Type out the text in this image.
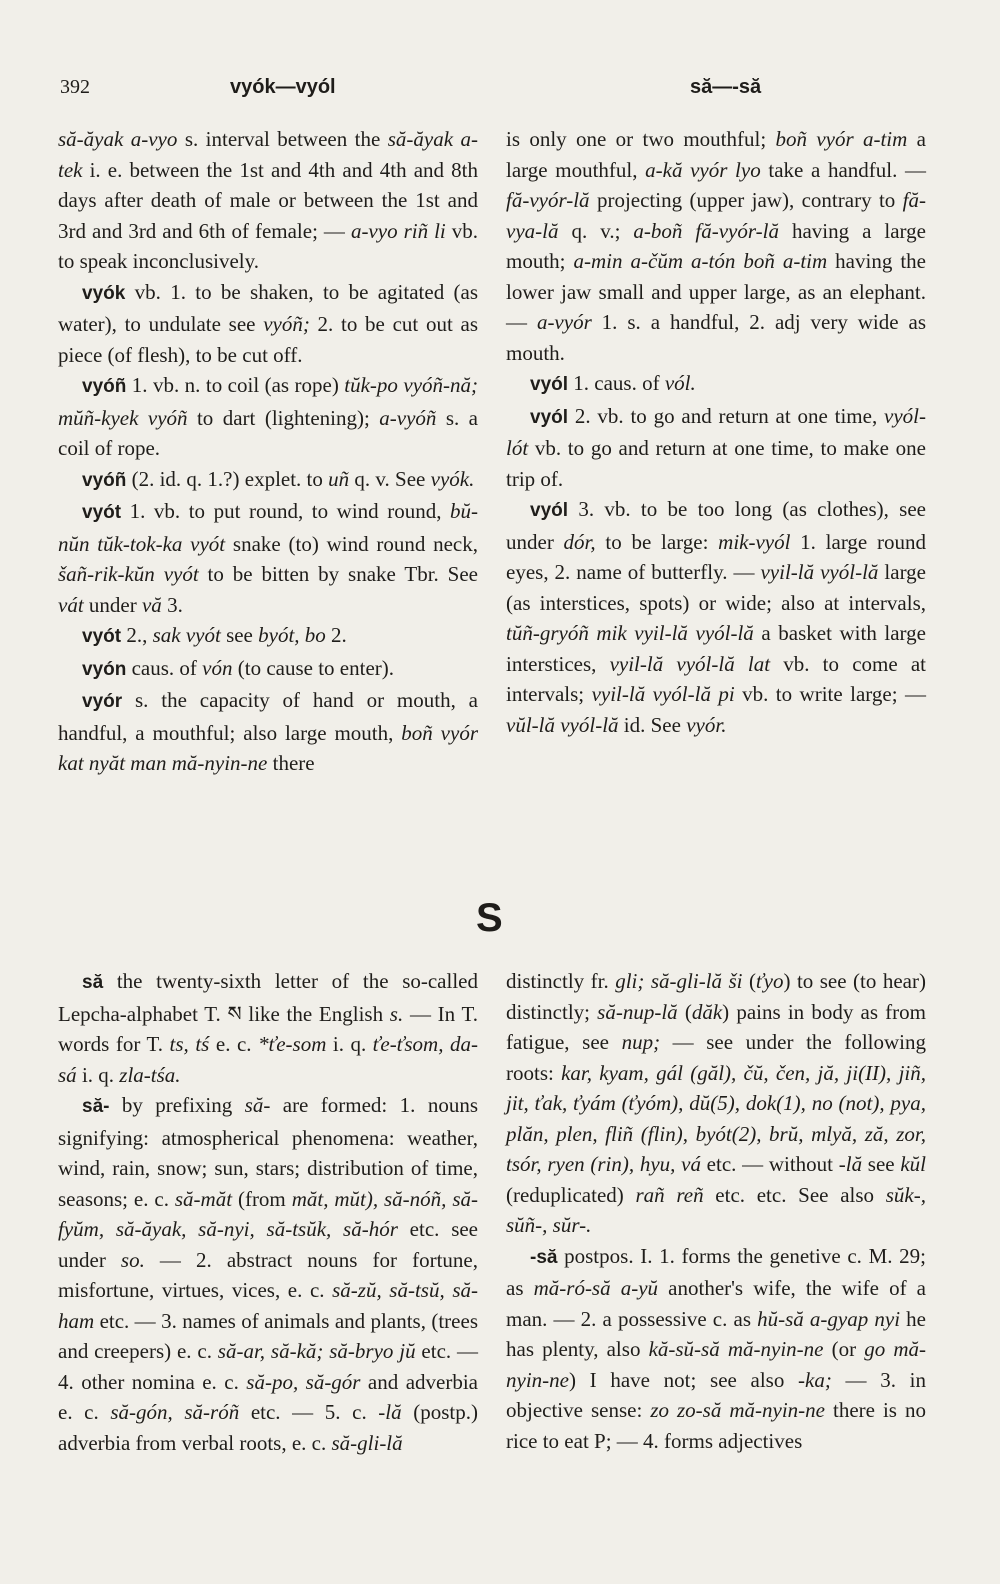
392	vyók—vyól	să—-să

să-ăyak a-vyo s. interval between the să-ăyak a-tek i. e. between the 1st and 4th and 4th and 8th days after death of male or between the 1st and 3rd and 3rd and 6th of female; — a-vyo riñ li vb. to speak inconclusively.

vyók vb. 1. to be shaken, to be agitated (as water), to undulate see vyóñ; 2. to be cut out as piece (of flesh), to be cut off.

vyóñ 1. vb. n. to coil (as rope) tŭk-po vyóñ-nă; mŭñ-kyek vyóñ to dart (lightening); a-vyóñ s. a coil of rope.

vyóñ (2. id. q. 1.?) explet. to uñ q. v. See vyók.

vyót 1. vb. to put round, to wind round, bŭ-nŭn tŭk-tok-ka vyót snake (to) wind round neck, šañ-rik-kŭn vyót to be bitten by snake Tbr. See vát under vă 3.

vyót 2., sak vyót see byót, bo 2.

vyón caus. of vón (to cause to enter).

vyór s. the capacity of hand or mouth, a handful, a mouthful; also large mouth, boñ vyór kat nyăt man mă-nyin-ne there

is only one or two mouthful; boñ vyór a-tim a large mouthful, a-kă vyór lyo take a handful. — fă-vyór-lă projecting (upper jaw), contrary to fă-vya-lă q. v.; a-boñ fă-vyór-lă having a large mouth; a-min a-čŭm a-tón boñ a-tim having the lower jaw small and upper large, as an elephant. — a-vyór 1. s. a handful, 2. adj very wide as mouth.

vyól 1. caus. of vól.

vyól 2. vb. to go and return at one time, vyól-lót vb. to go and return at one time, to make one trip of.

vyól 3. vb. to be too long (as clothes), see under dór, to be large: mik-vyól 1. large round eyes, 2. name of butterfly. — vyil-lă vyól-lă large (as interstices, spots) or wide; also at intervals, tŭñ-gryóñ mik vyil-lă vyól-lă a basket with large interstices, vyil-lă vyól-lă lat vb. to come at intervals; vyil-lă vyól-lă pi vb. to write large; — vŭl-lă vyól-lă id. See vyór.

S

să the twenty-sixth letter of the so-called Lepcha-alphabet T. ས like the English s. — In T. words for T. ts, tś e. c. *ťe-som i. q. ťe-ťsom, da-sá i. q. zla-tśa.

să- by prefixing să- are formed: 1. nouns signifying: atmospherical phenomena: weather, wind, rain, snow; sun, stars; distribution of time, seasons; e. c. să-măt (from măt, mŭt), să-nóñ, să-fyŭm, să-ăyak, să-nyi, să-tsŭk, să-hór etc. see under so. — 2. abstract nouns for fortune, misfortune, virtues, vices, e. c. să-zŭ, să-tsŭ, să-ham etc. — 3. names of animals and plants, (trees and creepers) e. c. să-ar, să-kă; să-bryo jŭ etc. — 4. other nomina e. c. să-po, să-gór and adverbia e. c. să-gón, să-róñ etc. — 5. c. -lă (postp.) adverbia from verbal roots, e. c. să-gli-lă

distinctly fr. gli; să-gli-lă ši (ťyo) to see (to hear) distinctly; să-nup-lă (dăk) pains in body as from fatigue, see nup; — see under the following roots: kar, kyam, gál (găl), čŭ, čen, jă, ji(II), jiñ, jit, ťak, ťyám (ťyóm), dŭ(5), dok(1), no (not), pya, plăn, plen, fliñ (flin), byót(2), brŭ, mlyă, ză, zor, tsór, ryen (rin), hyu, vá etc. — without -lă see kŭl (reduplicated) rañ reñ etc. etc. See also sŭk-, sŭñ-, sŭr-.

-să postpos. I. 1. forms the genetive c. M. 29; as mă-ró-să a-yŭ another's wife, the wife of a man. — 2. a possessive c. as hŭ-să a-gyap nyi he has plenty, also kă-sŭ-să mă-nyin-ne (or go mă-nyin-ne) I have not; see also -ka; — 3. in objective sense: zo zo-să mă-nyin-ne there is no rice to eat P; — 4. forms adjectives
